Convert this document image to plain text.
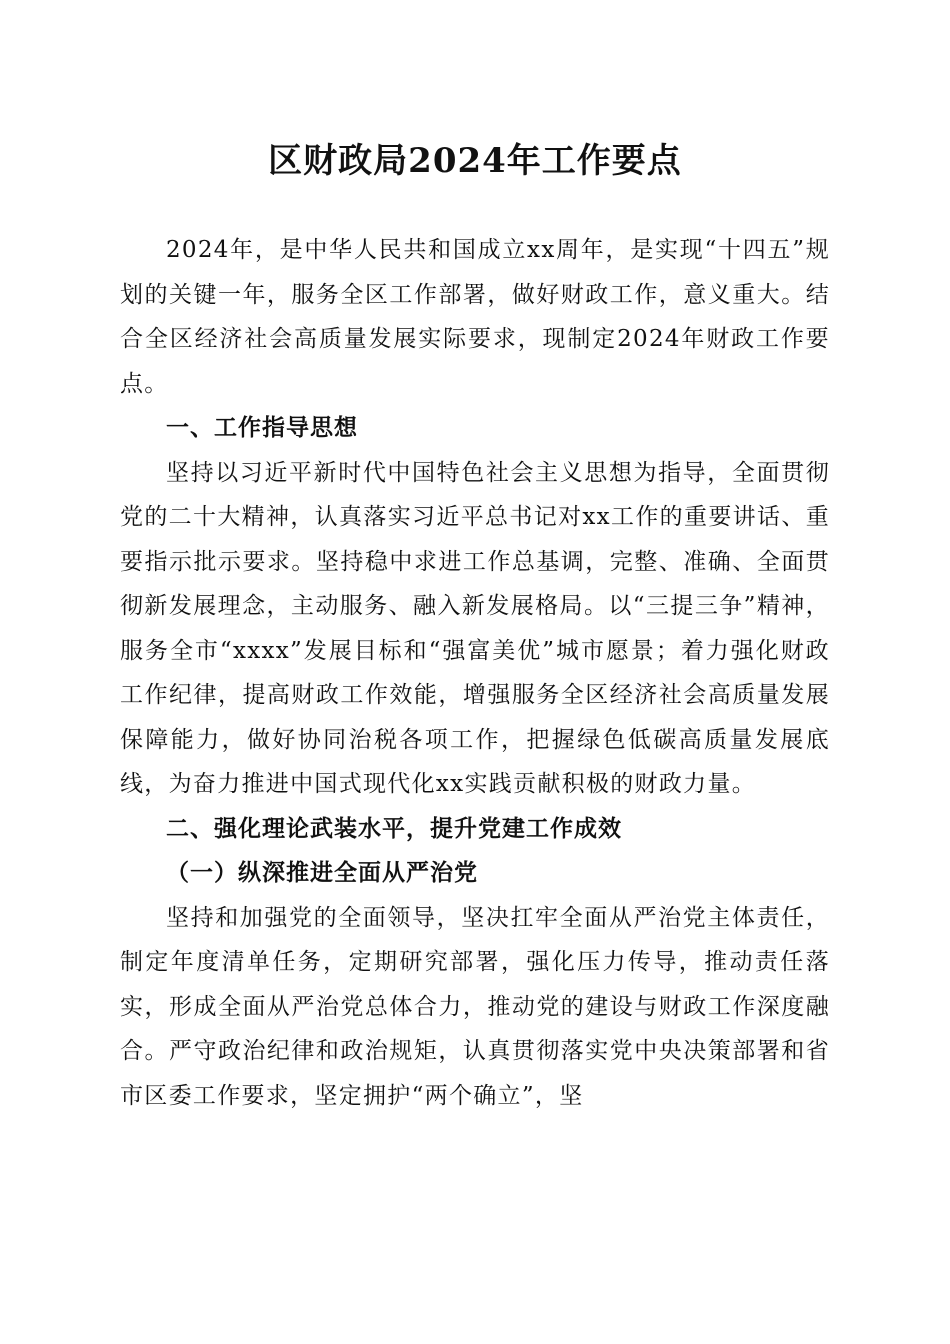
区财政局2024年工作要点

2024年，是中华人民共和国成立xx周年，是实现“十四五”规划的关键一年，服务全区工作部署，做好财政工作，意义重大。结合全区经济社会高质量发展实际要求，现制定2024年财政工作要点。

一、工作指导思想

坚持以习近平新时代中国特色社会主义思想为指导，全面贯彻党的二十大精神，认真落实习近平总书记对xx工作的重要讲话、重要指示批示要求。坚持稳中求进工作总基调，完整、准确、全面贯彻新发展理念，主动服务、融入新发展格局。以“三提三争”精神，服务全市“xxxx”发展目标和“强富美优”城市愿景；着力强化财政工作纪律，提高财政工作效能，增强服务全区经济社会高质量发展保障能力，做好协同治税各项工作，把握绿色低碳高质量发展底线，为奋力推进中国式现代化xx实践贡献积极的财政力量。

二、强化理论武装水平，提升党建工作成效

（一）纵深推进全面从严治党

坚持和加强党的全面领导，坚决扛牢全面从严治党主体责任，制定年度清单任务，定期研究部署，强化压力传导，推动责任落实，形成全面从严治党总体合力，推动党的建设与财政工作深度融合。严守政治纪律和政治规矩，认真贯彻落实党中央决策部署和省市区委工作要求，坚定拥护“两个确立”，坚
